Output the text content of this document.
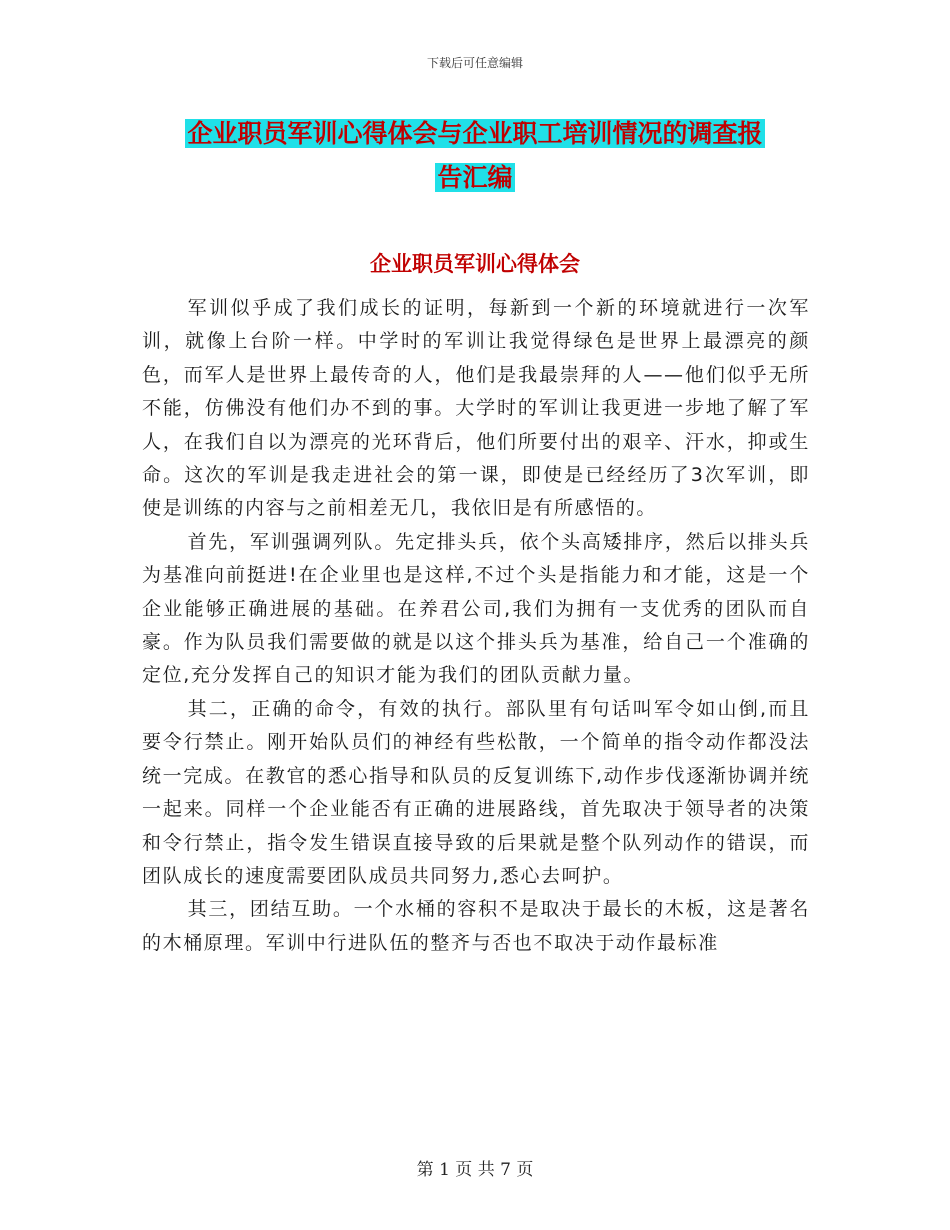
下载后可任意编辑
企业职员军训心得体会与企业职工培训情况的调查报
告汇编
企业职员军训心得体会

军训似乎成了我们成长的证明，每新到一个新的环境就进行一次军训，就像上台阶一样。中学时的军训让我觉得绿色是世界上最漂亮的颜色，而军人是世界上最传奇的人，他们是我最崇拜的人——他们似乎无所不能，仿佛没有他们办不到的事。大学时的军训让我更进一步地了解了军人，在我们自以为漂亮的光环背后，他们所要付出的艰辛、汗水，抑或生命。这次的军训是我走进社会的第一课，即使是已经经历了3次军训，即使是训练的内容与之前相差无几，我依旧是有所感悟的。

首先，军训强调列队。先定排头兵，依个头高矮排序，然后以排头兵为基准向前挺进!在企业里也是这样,不过个头是指能力和才能，这是一个企业能够正确进展的基础。在养君公司,我们为拥有一支优秀的团队而自豪。作为队员我们需要做的就是以这个排头兵为基准，给自己一个准确的定位,充分发挥自己的知识才能为我们的团队贡献力量。

其二，正确的命令，有效的执行。部队里有句话叫军令如山倒,而且要令行禁止。刚开始队员们的神经有些松散，一个简单的指令动作都没法统一完成。在教官的悉心指导和队员的反复训练下,动作步伐逐渐协调并统一起来。同样一个企业能否有正确的进展路线，首先取决于领导者的决策和令行禁止，指令发生错误直接导致的后果就是整个队列动作的错误，而团队成长的速度需要团队成员共同努力,悉心去呵护。

其三，团结互助。一个水桶的容积不是取决于最长的木板，这是著名的木桶原理。军训中行进队伍的整齐与否也不取决于动作最标准

第 1 页 共 7 页
